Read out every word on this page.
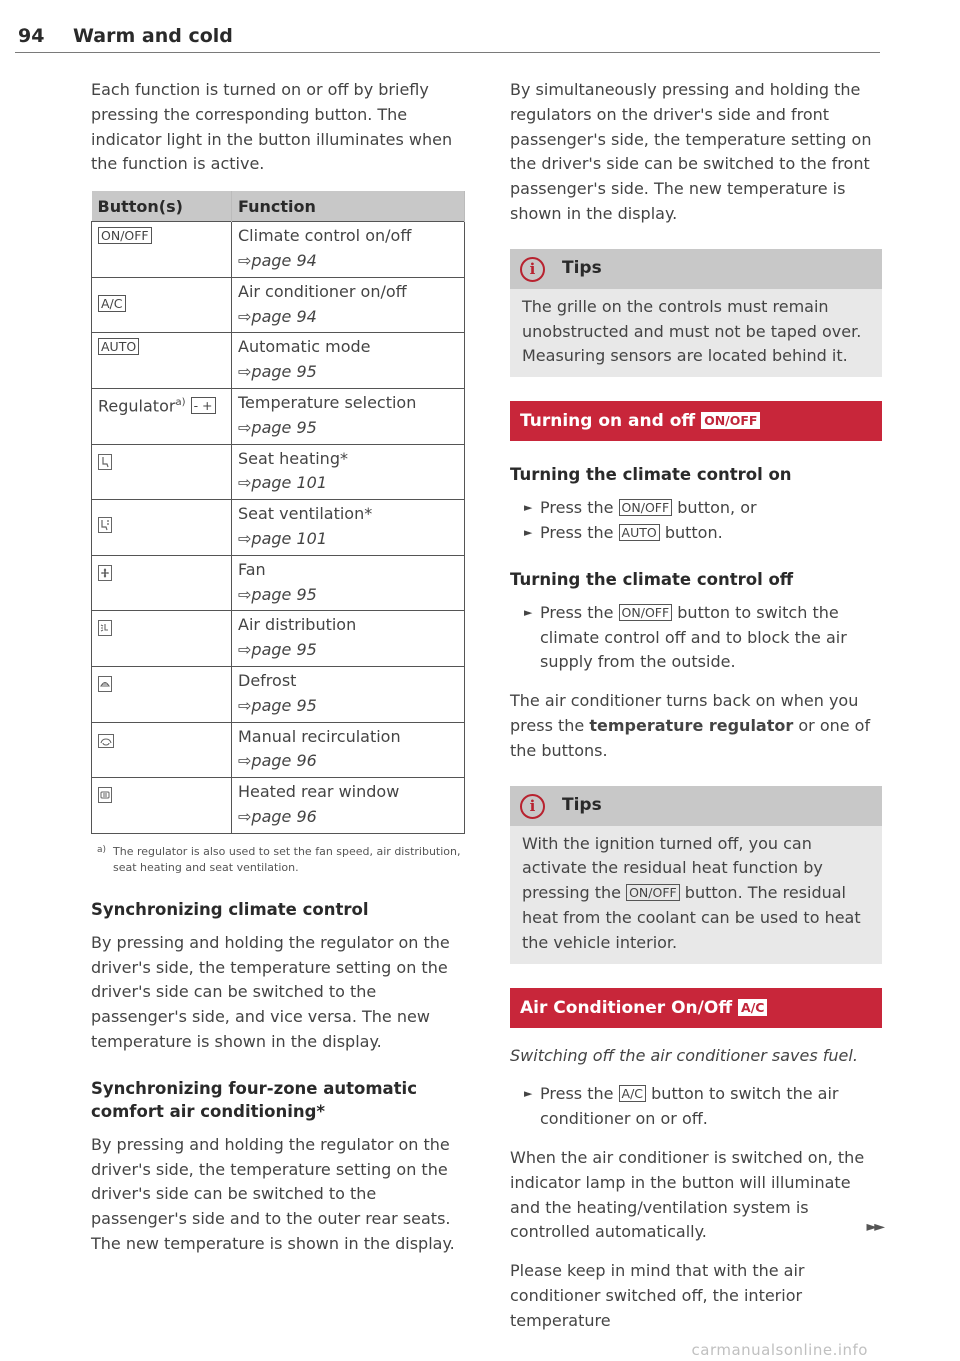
94 Warm and cold

Each function is turned on or off by briefly pressing the corresponding button. The indicator light in the button illuminates when the function is active.

Button(s)	Function
ON/OFF	Climate control on/off
⇨page 94
A/C	Air conditioner on/off
⇨page 94
AUTO	Automatic mode
⇨page 95
Regulator$^{a)}$ - +	Temperature selection
⇨page 95
	Seat heating*
⇨page 101
	Seat ventilation*
⇨page 101
	Fan
⇨page 95
	Air distribution
⇨page 95
	Defrost
⇨page 95
	Manual recirculation
⇨page 96
	Heated rear window
⇨page 96
a) The regulator is also used to set the fan speed, air distribution, seat heating and seat ventilation.
Synchronizing climate control

By pressing and holding the regulator on the driver's side, the temperature setting on the driver's side can be switched to the passenger's side, and vice versa. The new temperature is shown in the display.

Synchronizing four-zone automatic comfort air conditioning*

By pressing and holding the regulator on the driver's side, the temperature setting on the driver's side can be switched to the passenger's side and to the outer rear seats. The new temperature is shown in the display.

By simultaneously pressing and holding the regulators on the driver's side and front passenger's side, the temperature setting on the driver's side can be switched to the front passenger's side. The new temperature is shown in the display.

i	Tips

The grille on the controls must remain unobstructed and must not be taped over. Measuring sensors are located behind it.

Turning on and off ON/OFF
Turning the climate control on

► Press the ON/OFF button, or

► Press the AUTO button.

Turning the climate control off

► Press the ON/OFF button to switch the climate control off and to block the air supply from the outside.

The air conditioner turns back on when you press the temperature regulator or one of the buttons.

i	Tips

With the ignition turned off, you can activate the residual heat function by pressing the ON/OFF button. The residual heat from the coolant can be used to heat the vehicle interior.

Air Conditioner On/Off A/C

Switching off the air conditioner saves fuel.

► Press the A/C button to switch the air conditioner on or off.

When the air conditioner is switched on, the indicator lamp in the button will illuminate and the heating/ventilation system is controlled automatically.

Please keep in mind that with the air conditioner switched off, the interior temperature

►►
carmanualsonline.info
